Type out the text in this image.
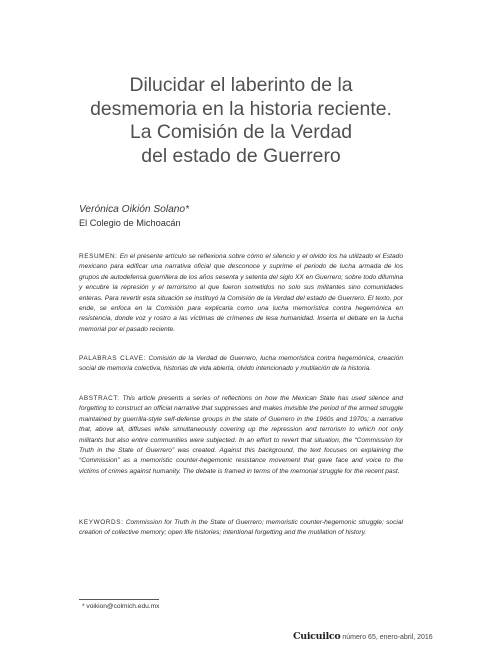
Dilucidar el laberinto de la
desmemoria en la historia reciente.
La Comisión de la Verdad
del estado de Guerrero
Verónica Oikión Solano*
El Colegio de Michoacán
RESUMEN: En el presente artículo se reflexiona sobre cómo el silencio y el olvido los ha utilizado el Estado mexicano para edificar una narrativa oficial que desconoce y suprime el periodo de lucha armada de los grupos de autodefensa guerrillera de los años sesenta y setenta del siglo XX en Guerrero; sobre todo difumina y encubre la represión y el terrorismo al que fueron sometidos no solo sus militantes sino comunidades enteras. Para revertir esta situación se instituyó la Comisión de la Verdad del estado de Guerrero. El texto, por ende, se enfoca en la Comisión para explicarla como una lucha memorística contra hegemónica en resistencia, donde voz y rostro a las víctimas de crímenes de lesa humanidad. Inserta el debate en la lucha memorial por el pasado reciente.
PALABRAS CLAVE: Comisión de la Verdad de Guerrero, lucha memorística contra hegemónica, creación social de memoria colectiva, historias de vida abierta, olvido intencionado y mutilación de la historia.
ABSTRACT: This article presents a series of reflections on how the Mexican State has used silence and forgetting to construct an official narrative that suppresses and makes invisible the period of the armed struggle maintained by guerrilla-style self-defense groups in the state of Guerrero in the 1960s and 1970s; a narrative that, above all, diffuses while simultaneously covering up the repression and terrorism to which not only militants but also entire communities were subjected. In an effort to revert that situation, the “Commission for Truth in the State of Guerrero” was created. Against this background, the text focuses on explaining the “Commission” as a memoristic counter-hegemonic resistance movement that gave face and voice to the victims of crimes against humanity. The debate is framed in terms of the memorial struggle for the recent past.
KEYWORDS: Commission for Truth in the State of Guerrero; memoristic counter-hegemonic struggle; social creation of collective memory; open life histories; intentional forgetting and the mutilation of history.
* voikion@colmich.edu.mx
Cuicuilco número 65, enero-abril, 2016
